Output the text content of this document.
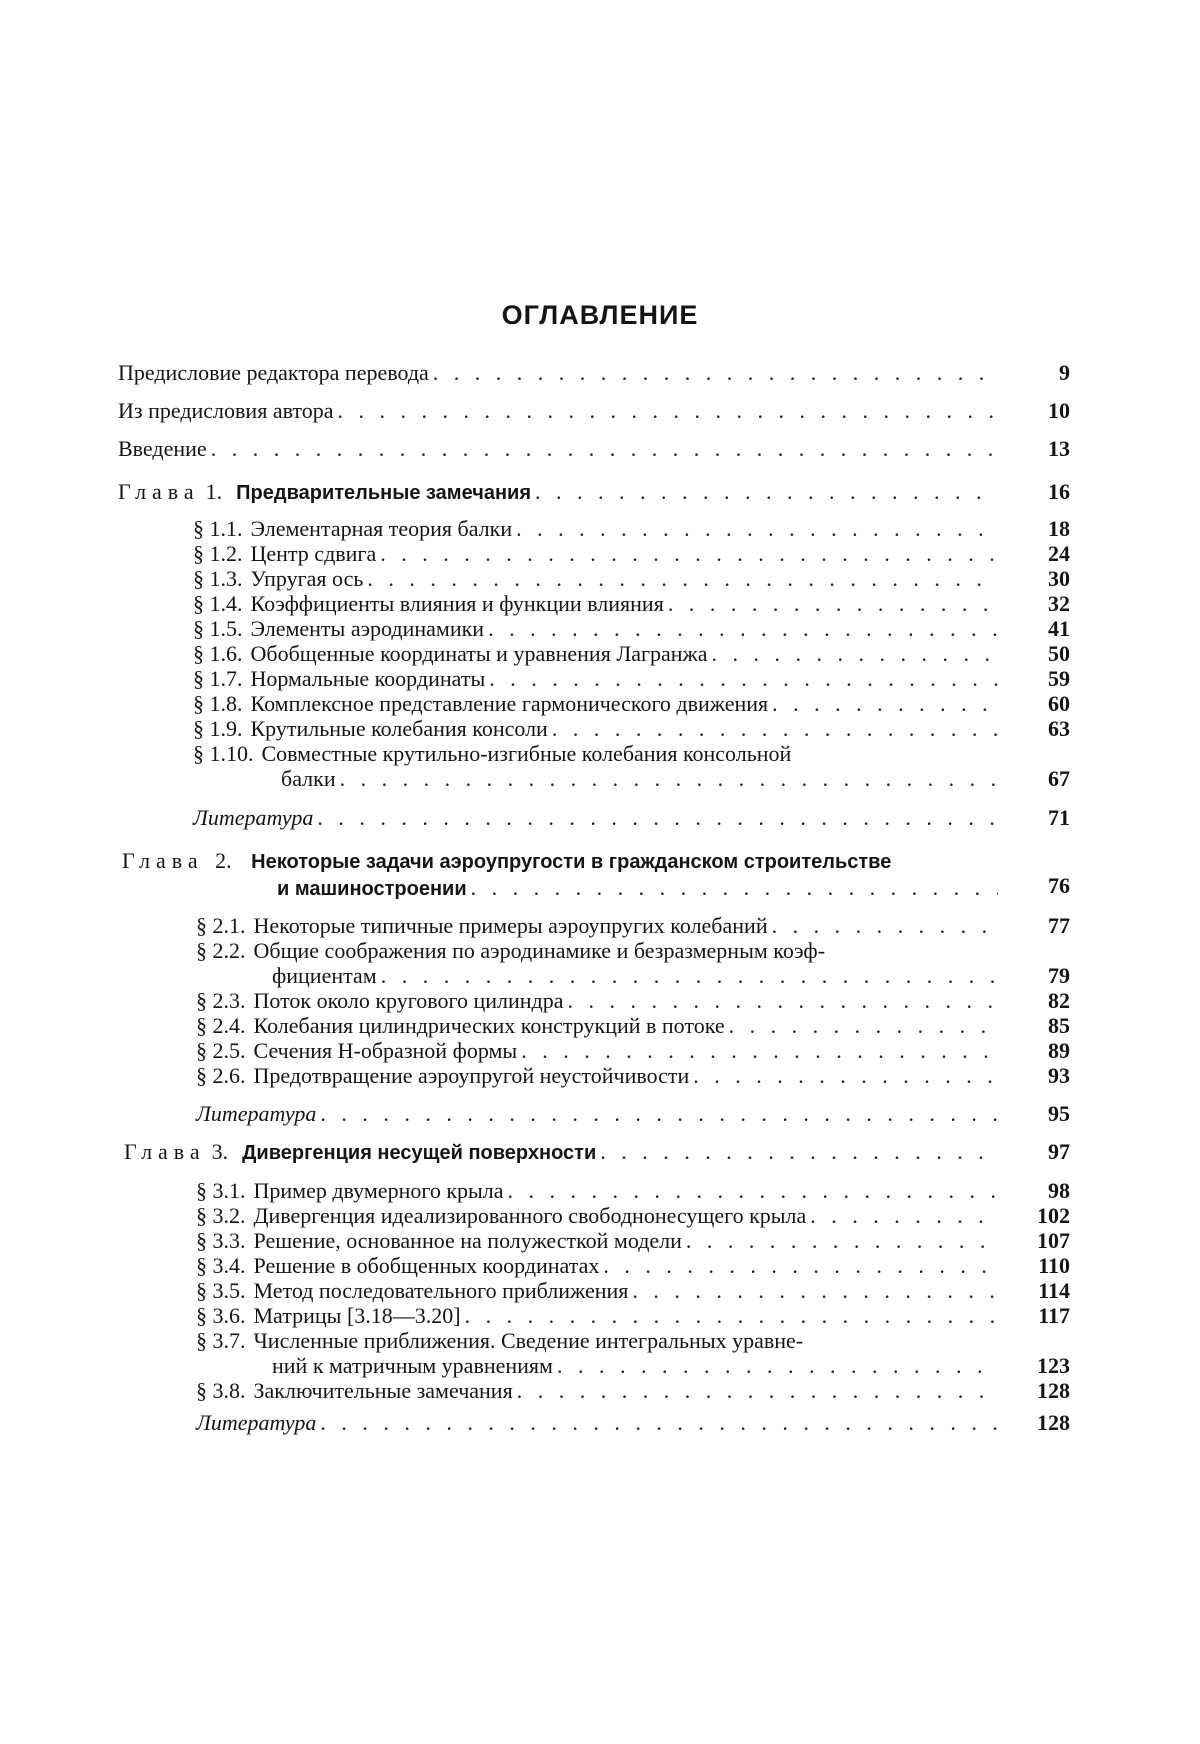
ОГЛАВЛЕНИЕ
Предисловие редактора перевода . . .	9
Из предисловия автора . . .	10
Введение . . .	13
Глава 1. Предварительные замечания . . .	16
§ 1.1. Элементарная теория балки . . .	18
§ 1.2. Центр сдвига . . .	24
§ 1.3. Упругая ось . . .	30
§ 1.4. Коэффициенты влияния и функции влияния . . .	32
§ 1.5. Элементы аэродинамики . . .	41
§ 1.6. Обобщенные координаты и уравнения Лагранжа . . .	50
§ 1.7. Нормальные координаты . . .	59
§ 1.8. Комплексное представление гармонического движения . . .	60
§ 1.9. Крутильные колебания консоли . . .	63
§ 1.10. Совместные крутильно-изгибные колебания консольной
балки . . .	67
Литература . . .	71
Глава 2. Некоторые задачи аэроупругости в гражданском строительстве
и машиностроении . . .	76
§ 2.1. Некоторые типичные примеры аэроупругих колебаний . . .	77
§ 2.2. Общие соображения по аэродинамике и безразмерным коэф-
фициентам . . .	79
§ 2.3. Поток около кругового цилиндра . . .	82
§ 2.4. Колебания цилиндрических конструкций в потоке . . .	85
§ 2.5. Сечения Н-образной формы . . .	89
§ 2.6. Предотвращение аэроупругой неустойчивости . . .	93
Литература . . .	95
Глава 3. Дивергенция несущей поверхности . . .	97
§ 3.1. Пример двумерного крыла . . .	98
§ 3.2. Дивергенция идеализированного свободнонесущего крыла . . .	102
§ 3.3. Решение, основанное на полужесткой модели . . .	107
§ 3.4. Решение в обобщенных координатах . . .	110
§ 3.5. Метод последовательного приближения . . .	114
§ 3.6. Матрицы [3.18—3.20] . . .	117
§ 3.7. Численные приближения. Сведение интегральных уравне-
ний к матричным уравнениям . . .	123
§ 3.8. Заключительные замечания . . .	128
Литература . . .	128
